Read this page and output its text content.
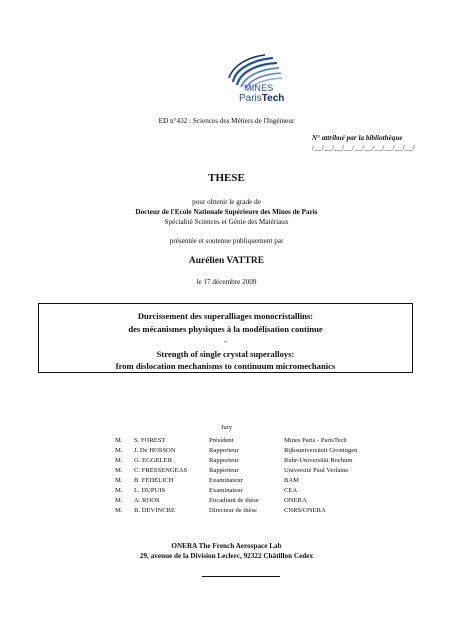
MINES
ParisTech
ED n°432 : Sciences des Métiers de l'Ingénieur
N° attribué par la bibliothèque
/__/__/__/__/__/__/__/__/__/__/
THESE
pour obtenir le grade de
Docteur de l'Ecole Nationale Supérieure des Mines de Paris
Spécialité Sciences et Génie des Matériaux
présentée et soutenue publiquement par
Aurélien VATTRE
le 17 décembre 2009
Durcissement des superalliages monocristallins:
des mécanismes physiques à la modélisation continue
-
Strength of single crystal superalloys:
from dislocation mechanisms to continuum micromechanics
Jury
M.	S. FOREST	Président	Mines Paris - ParisTech
M.	J. De HOSSON	Rapporteur	Rijksuniversiteit Groningen
M.	G. EGGELER	Rapporteur	Ruhr-Universität Bochum
M.	C. FRESSENGEAS	Rapporteur	Université Paul Verlaine
M.	B. FEDELICH	Examinateur	BAM
M.	L. DUPUIS	Examinateur	CEA
M.	A. ROOS	Encadrant de thèse	ONERA
M.	B. DEVINCRE	Directeur de thèse	CNRS/ONERA
ONERA The French Aerospace Lab
29, avenue de la Division Leclerc, 92322 Châtillon Cedex
